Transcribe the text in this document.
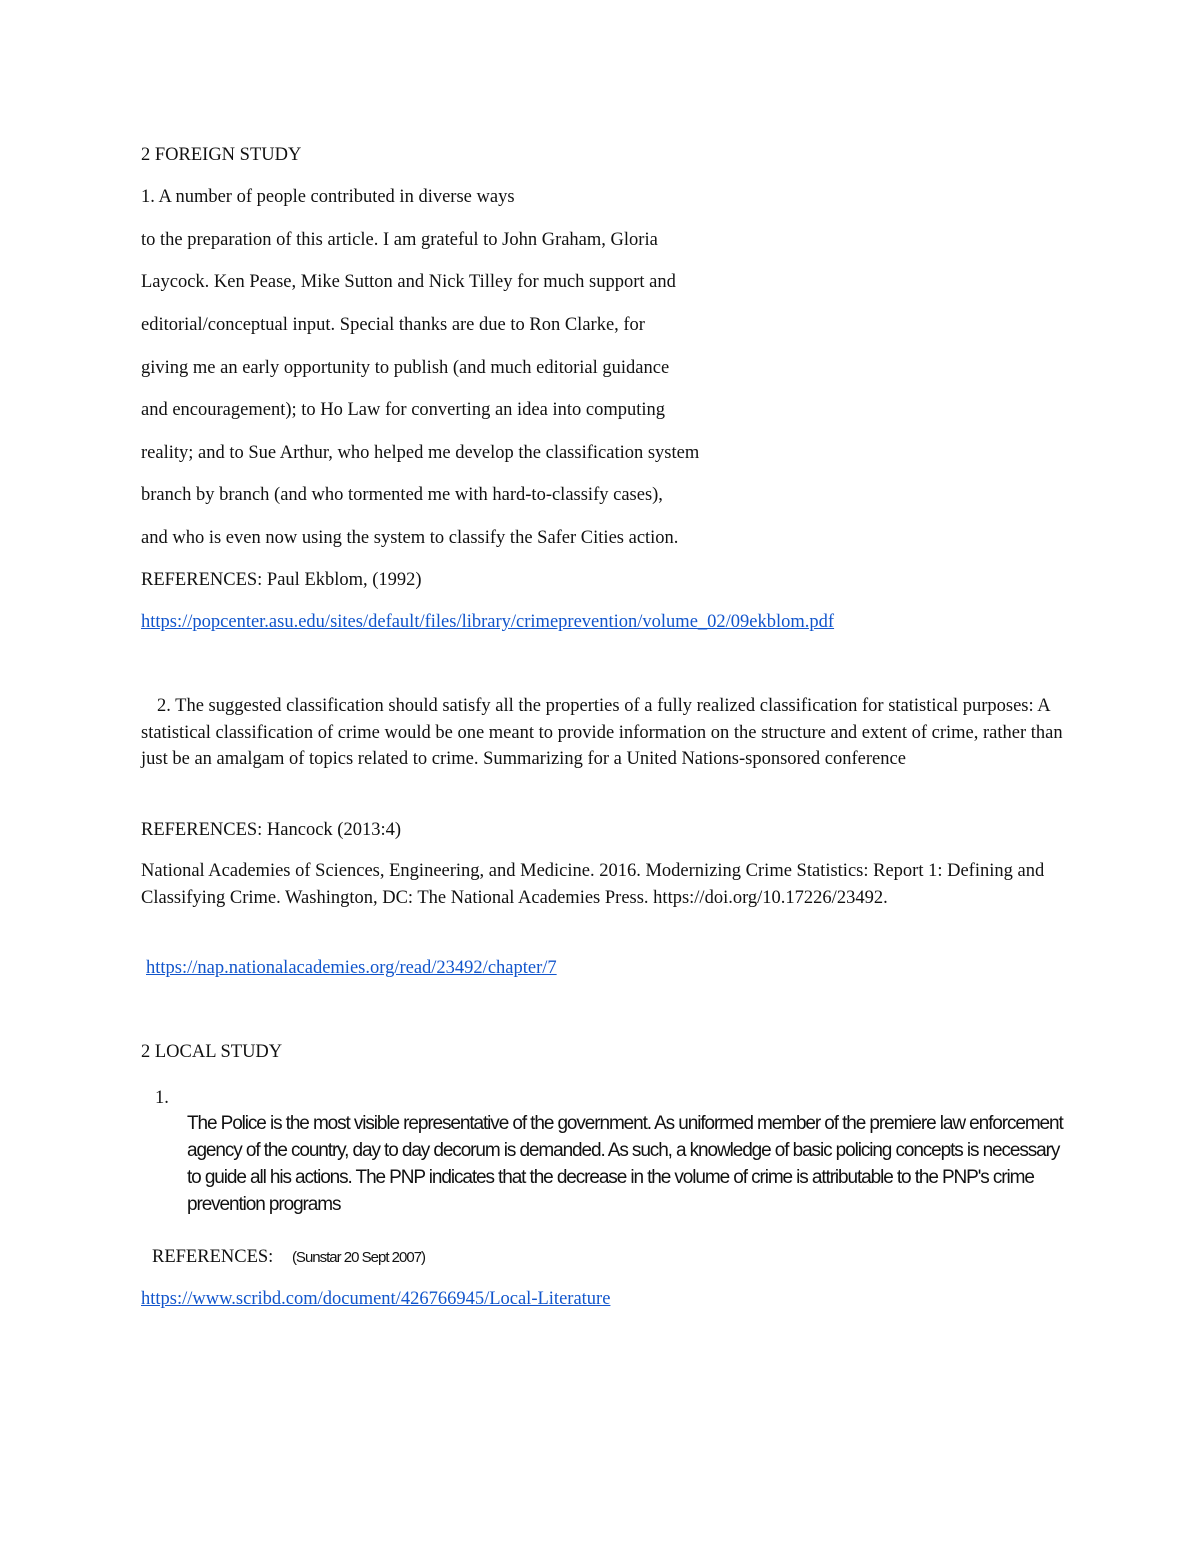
2 FOREIGN STUDY
1. A number of people contributed in diverse ways
to the preparation of this article. I am grateful to John Graham, Gloria
Laycock. Ken Pease, Mike Sutton and Nick Tilley for much support and
editorial/conceptual input. Special thanks are due to Ron Clarke, for
giving me an early opportunity to publish (and much editorial guidance
and encouragement); to Ho Law for converting an idea into computing
reality; and to Sue Arthur, who helped me develop the classification system
branch by branch (and who tormented me with hard-to-classify cases),
and who is even now using the system to classify the Safer Cities action.
REFERENCES: Paul Ekblom, (1992)
https://popcenter.asu.edu/sites/default/files/library/crimeprevention/volume_02/09ekblom.pdf
2. The suggested classification should satisfy all the properties of a fully realized classification for statistical purposes: A statistical classification of crime would be one meant to provide information on the structure and extent of crime, rather than just be an amalgam of topics related to crime. Summarizing for a United Nations-sponsored conference
REFERENCES: Hancock (2013:4)
National Academies of Sciences, Engineering, and Medicine. 2016. Modernizing Crime Statistics: Report 1: Defining and Classifying Crime. Washington, DC: The National Academies Press. https://doi.org/10.17226/23492.
https://nap.nationalacademies.org/read/23492/chapter/7
2 LOCAL STUDY
1.
The Police is the most visible representative of the government. As uniformed member of the premiere law enforcement agency of the country, day to day decorum is demanded. As such, a knowledge of basic policing concepts is necessary to guide all his actions. The PNP indicates that the decrease in the volume of crime is attributable to the PNP's crime prevention programs
REFERENCES: (Sunstar 20 Sept 2007)
https://www.scribd.com/document/426766945/Local-Literature
